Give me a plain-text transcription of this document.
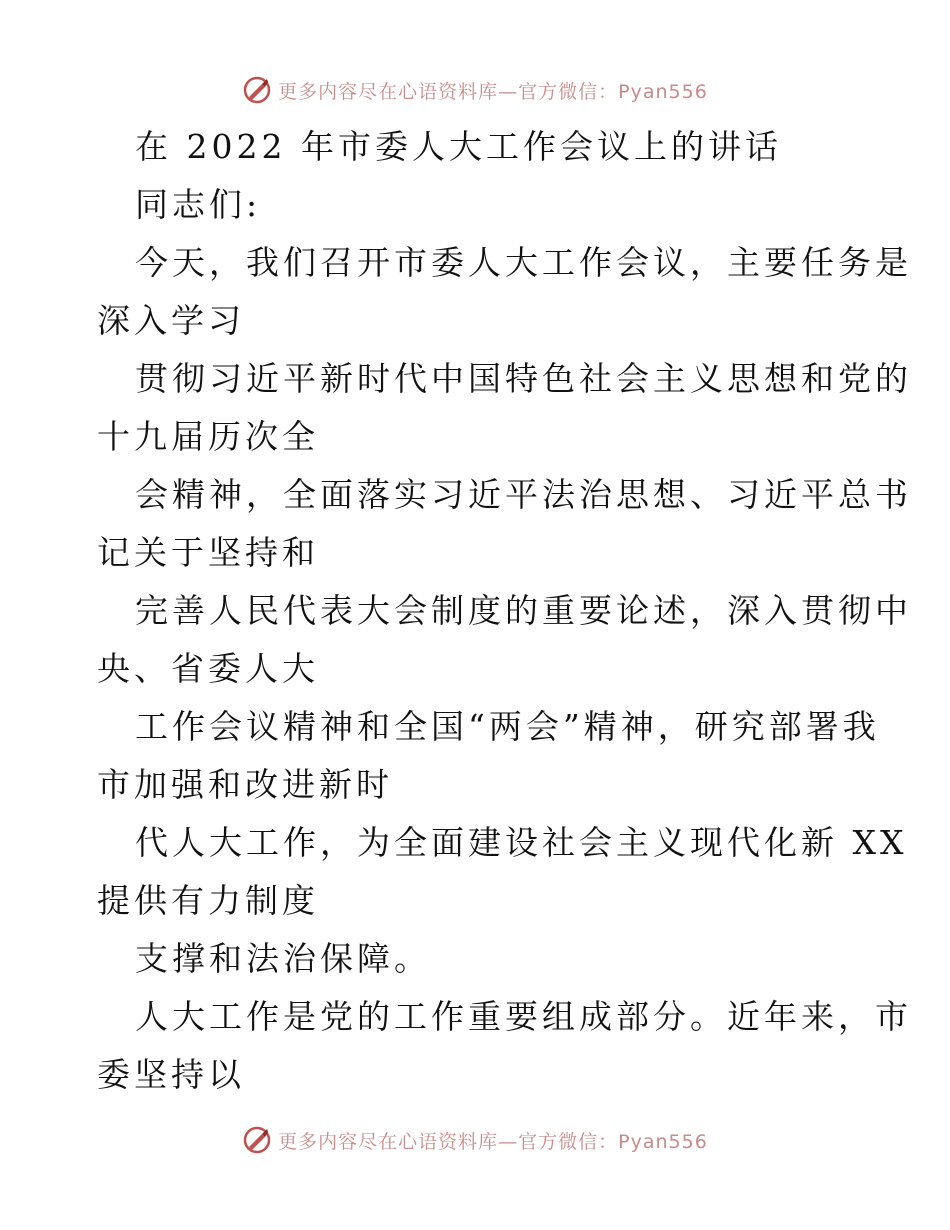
更多内容尽在心语资料库—官方微信：Pyan556
在 2022 年市委人大工作会议上的讲话
同志们:
今天，我们召开市委人大工作会议，主要任务是
深入学习
贯彻习近平新时代中国特色社会主义思想和党的
十九届历次全
会精神，全面落实习近平法治思想、习近平总书
记关于坚持和
完善人民代表大会制度的重要论述，深入贯彻中
央、省委人大
工作会议精神和全国“两会”精神，研究部署我
市加强和改进新时
代人大工作，为全面建设社会主义现代化新 XX
提供有力制度
支撑和法治保障。
人大工作是党的工作重要组成部分。近年来，市
委坚持以
更多内容尽在心语资料库—官方微信：Pyan556
